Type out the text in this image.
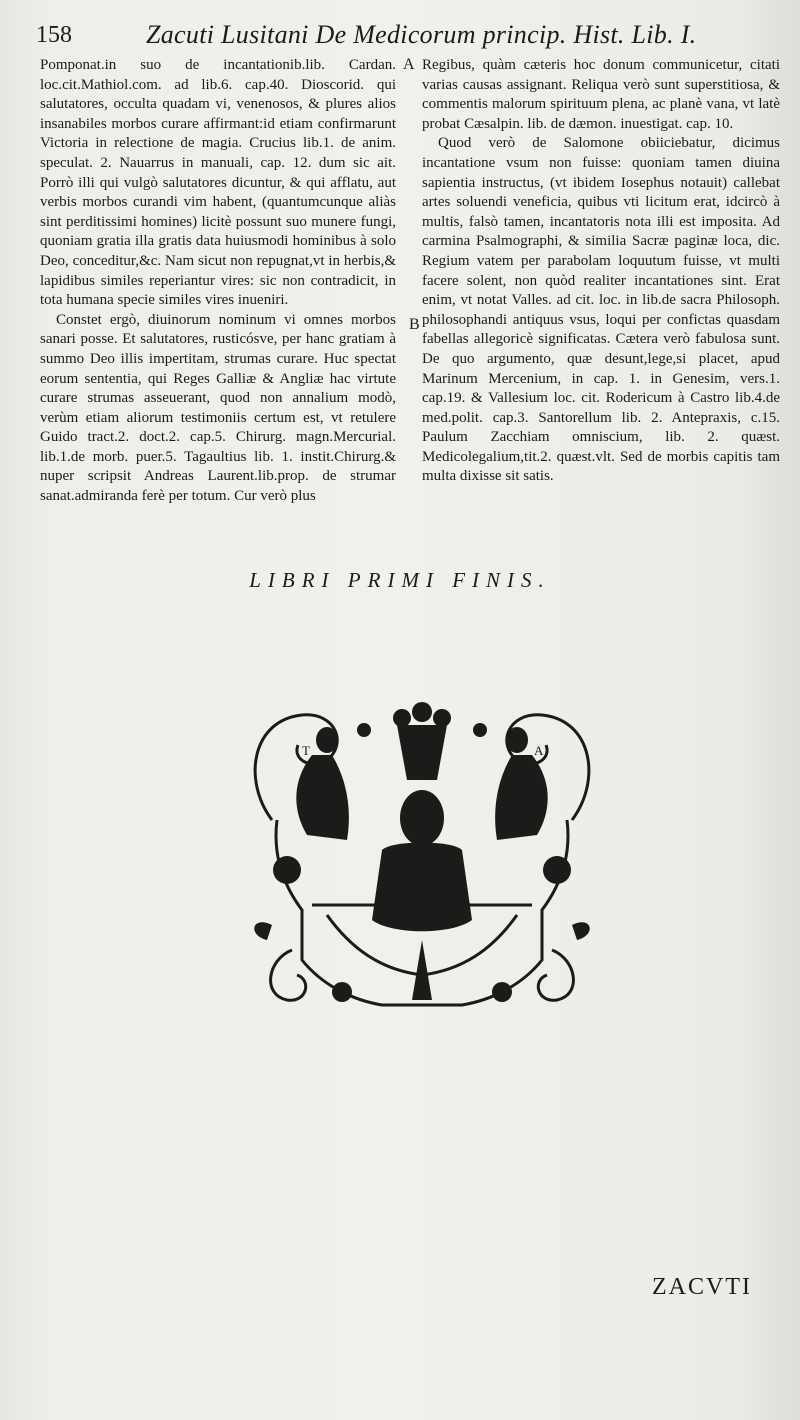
158	Zacuti Lusitani De Medicorum princip. Hist. Lib. I.
A
B

Pomponat.in suo de incantationib.lib. Cardan. loc.cit.Mathiol.com. ad lib.6. cap.40. Dioscorid. qui salutatores, occulta quadam vi, venenosos, & plures alios insanabiles morbos curare affirmant:id etiam confirmarunt Victoria in relectione de magia. Crucius lib.1. de anim. speculat. 2. Nauarrus in manuali, cap. 12. dum sic ait. Porrò illi qui vulgò salutatores dicuntur, & qui afflatu, aut verbis morbos curandi vim habent, (quantumcunque aliàs sint perditissimi homines) licitè possunt suo munere fungi, quoniam gratia illa gratis data huiusmodi hominibus à solo Deo, conceditur,&c. Nam sicut non repugnat,vt in herbis,& lapidibus similes reperiantur vires: sic non contradicit, in tota humana specie similes vires inueniri.

Constet ergò, diuinorum nominum vi omnes morbos sanari posse. Et salutatores, rusticósve, per hanc gratiam à summo Deo illis impertitam, strumas curare. Huc spectat eorum sententia, qui Reges Galliæ & Angliæ hac virtute curare strumas asseuerant, quod non annalium modò, verùm etiam aliorum testimoniis certum est, vt retulere Guido tract.2. doct.2. cap.5. Chirurg. magn.Mercurial. lib.1.de morb. puer.5. Tagaultius lib. 1. instit.Chirurg.& nuper scripsit Andreas Laurent.lib.prop. de strumar sanat.admiranda ferè per totum. Cur verò plus

Regibus, quàm cæteris hoc donum communicetur, citati varias causas assignant. Reliqua verò sunt superstitiosa, & commentis malorum spirituum plena, ac planè vana, vt latè probat Cæsalpin. lib. de dæmon. inuestigat. cap. 10.

Quod verò de Salomone obiiciebatur, dicimus incantatione vsum non fuisse: quoniam tamen diuina sapientia instructus, (vt ibidem Iosephus notauit) callebat artes soluendi veneficia, quibus vti licitum erat, idcircò à multis, falsò tamen, incantatoris nota illi est imposita. Ad carmina Psalmographi, & similia Sacræ paginæ loca, dic. Regium vatem per parabolam loquutum fuisse, vt multi facere solent, non quòd realiter incantationes sint. Erat enim, vt notat Valles. ad cit. loc. in lib.de sacra Philosoph. philosophandi antiquus vsus, loqui per confictas quasdam fabellas allegoricè significatas. Cætera verò fabulosa sunt. De quo argumento, quæ desunt,lege,si placet, apud Marinum Mercenium, in cap. 1. in Genesim, vers.1. cap.19. & Vallesium loc. cit. Rodericum à Castro lib.4.de med.polit. cap.3. Santorellum lib. 2. Antepraxis, c.15. Paulum Zacchiam omniscium, lib. 2. quæst. Medicolegalium,tit.2. quæst.vlt. Sed de morbis capitis tam multa dixisse sit satis.

LIBRI PRIMI FINIS.
T	A
ZACVTI
